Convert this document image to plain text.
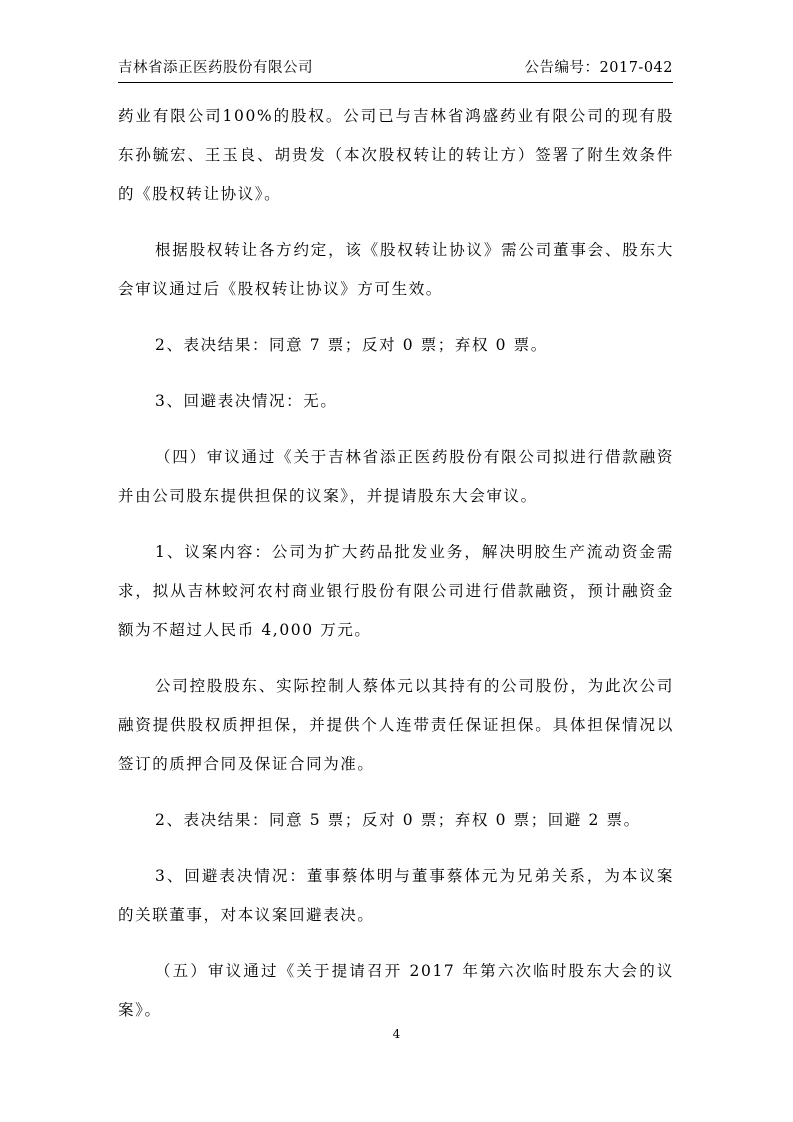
吉林省添正医药股份有限公司	公告编号：2017-042

药业有限公司100%的股权。公司已与吉林省鸿盛药业有限公司的现有股东孙毓宏、王玉良、胡贵发（本次股权转让的转让方）签署了附生效条件的《股权转让协议》。

根据股权转让各方约定，该《股权转让协议》需公司董事会、股东大会审议通过后《股权转让协议》方可生效。

2、表决结果：同意 7 票；反对 0 票；弃权 0 票。

3、回避表决情况：无。

（四）审议通过《关于吉林省添正医药股份有限公司拟进行借款融资并由公司股东提供担保的议案》，并提请股东大会审议。

1、议案内容：公司为扩大药品批发业务，解决明胶生产流动资金需求，拟从吉林蛟河农村商业银行股份有限公司进行借款融资，预计融资金额为不超过人民币 4,000 万元。

公司控股股东、实际控制人蔡体元以其持有的公司股份，为此次公司融资提供股权质押担保，并提供个人连带责任保证担保。具体担保情况以签订的质押合同及保证合同为准。

2、表决结果：同意 5 票；反对 0 票；弃权 0 票；回避 2 票。

3、回避表决情况：董事蔡体明与董事蔡体元为兄弟关系，为本议案的关联董事，对本议案回避表决。

（五）审议通过《关于提请召开 2017 年第六次临时股东大会的议案》。

4
